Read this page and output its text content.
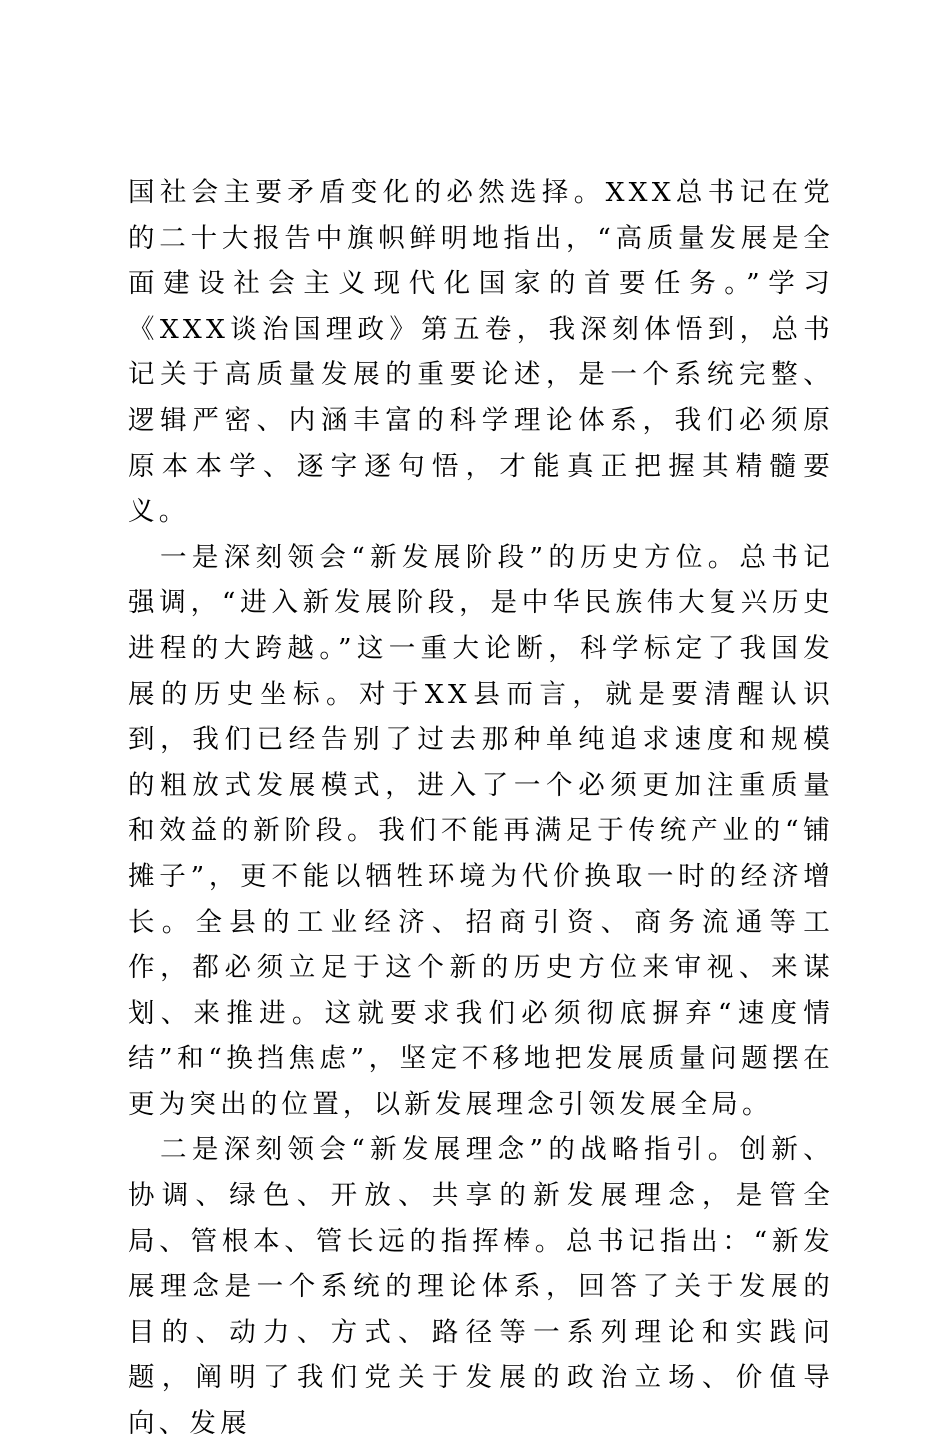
国社会主要矛盾变化的必然选择。XXX总书记在党的二十大报告中旗帜鲜明地指出，“高质量发展是全面建设社会主义现代化国家的首要任务。”学习《XXX谈治国理政》第五卷，我深刻体悟到，总书记关于高质量发展的重要论述，是一个系统完整、逻辑严密、内涵丰富的科学理论体系，我们必须原原本本学、逐字逐句悟，才能真正把握其精髓要义。

一是深刻领会“新发展阶段”的历史方位。总书记强调，“进入新发展阶段，是中华民族伟大复兴历史进程的大跨越。”这一重大论断，科学标定了我国发展的历史坐标。对于XX县而言，就是要清醒认识到，我们已经告别了过去那种单纯追求速度和规模的粗放式发展模式，进入了一个必须更加注重质量和效益的新阶段。我们不能再满足于传统产业的“铺摊子”，更不能以牺牲环境为代价换取一时的经济增长。全县的工业经济、招商引资、商务流通等工作，都必须立足于这个新的历史方位来审视、来谋划、来推进。这就要求我们必须彻底摒弃“速度情结”和“换挡焦虑”，坚定不移地把发展质量问题摆在更为突出的位置，以新发展理念引领发展全局。

二是深刻领会“新发展理念”的战略指引。创新、协调、绿色、开放、共享的新发展理念，是管全局、管根本、管长远的指挥棒。总书记指出：“新发展理念是一个系统的理论体系，回答了关于发展的目的、动力、方式、路径等一系列理论和实践问题，阐明了我们党关于发展的政治立场、价值导向、发展
